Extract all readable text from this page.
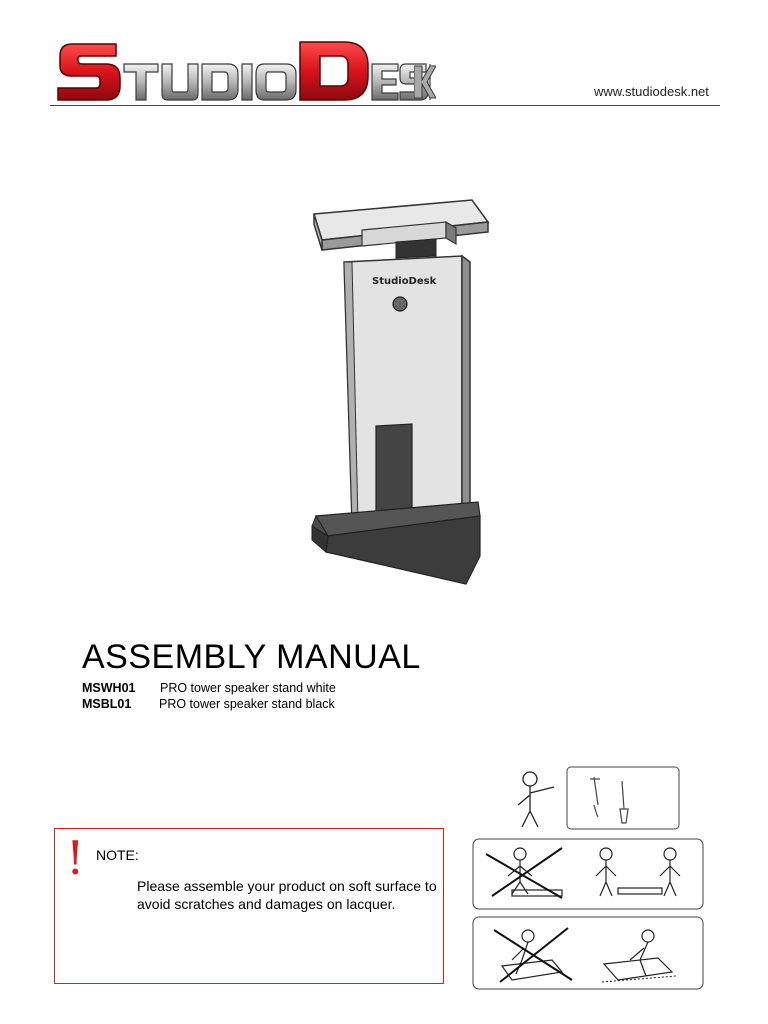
www.studiodesk.net
StudioDesk
ASSEMBLY MANUAL
MSWH01 PRO tower speaker stand white
MSBL01 PRO tower speaker stand black
! NOTE:
Please assemble your product on soft surface to avoid scratches and damages on lacquer.
